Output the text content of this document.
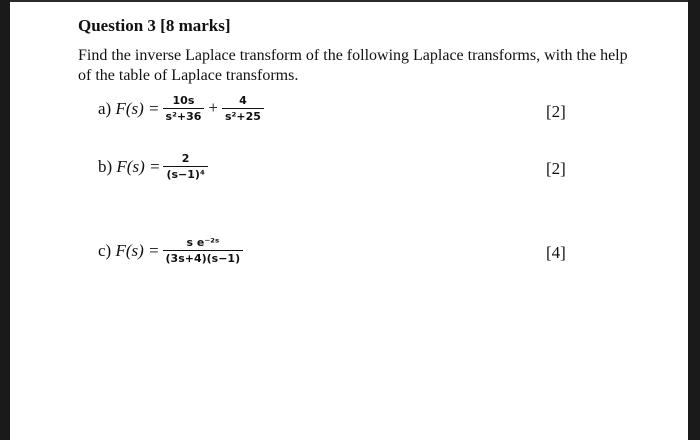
Question 3 [8 marks]
Find the inverse Laplace transform of the following Laplace transforms, with the help of the table of Laplace transforms.
a) $F(s) = \frac{10s}{\text{s²+36}} + \frac{4}{\text{s²+25}}$	[2]
b) $F(s) = \frac{2}{\text{(s−1)⁴}}$	[2]
c) $F(s) = \frac{\text{s e⁻²ˢ}}{(3s+4)(s-1)}$	[4]
